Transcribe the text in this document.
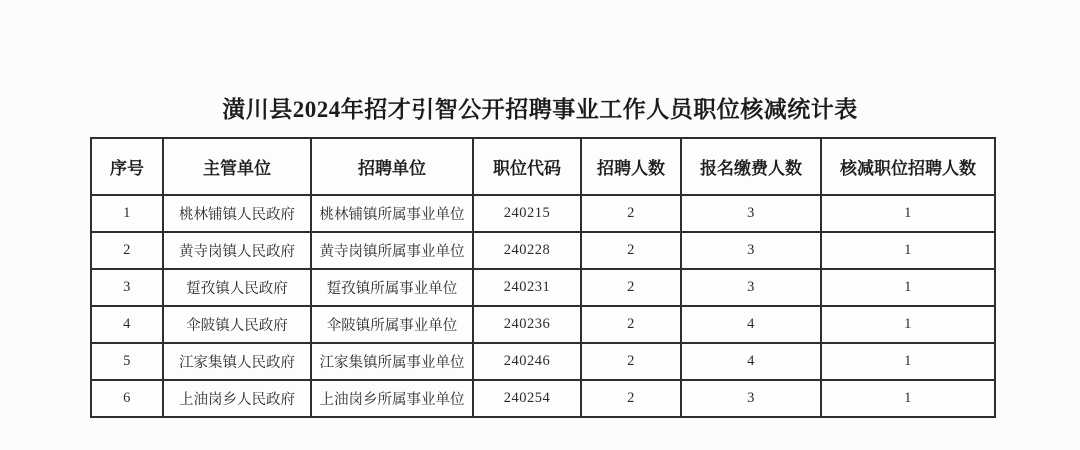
潢川县2024年招才引智公开招聘事业工作人员职位核减统计表
序号	主管单位	招聘单位	职位代码	招聘人数	报名缴费人数	核减职位招聘人数
1	桃林铺镇人民政府	桃林铺镇所属事业单位	240215	2	3	1
2	黄寺岗镇人民政府	黄寺岗镇所属事业单位	240228	2	3	1
3	踅孜镇人民政府	踅孜镇所属事业单位	240231	2	3	1
4	伞陂镇人民政府	伞陂镇所属事业单位	240236	2	4	1
5	江家集镇人民政府	江家集镇所属事业单位	240246	2	4	1
6	上油岗乡人民政府	上油岗乡所属事业单位	240254	2	3	1
